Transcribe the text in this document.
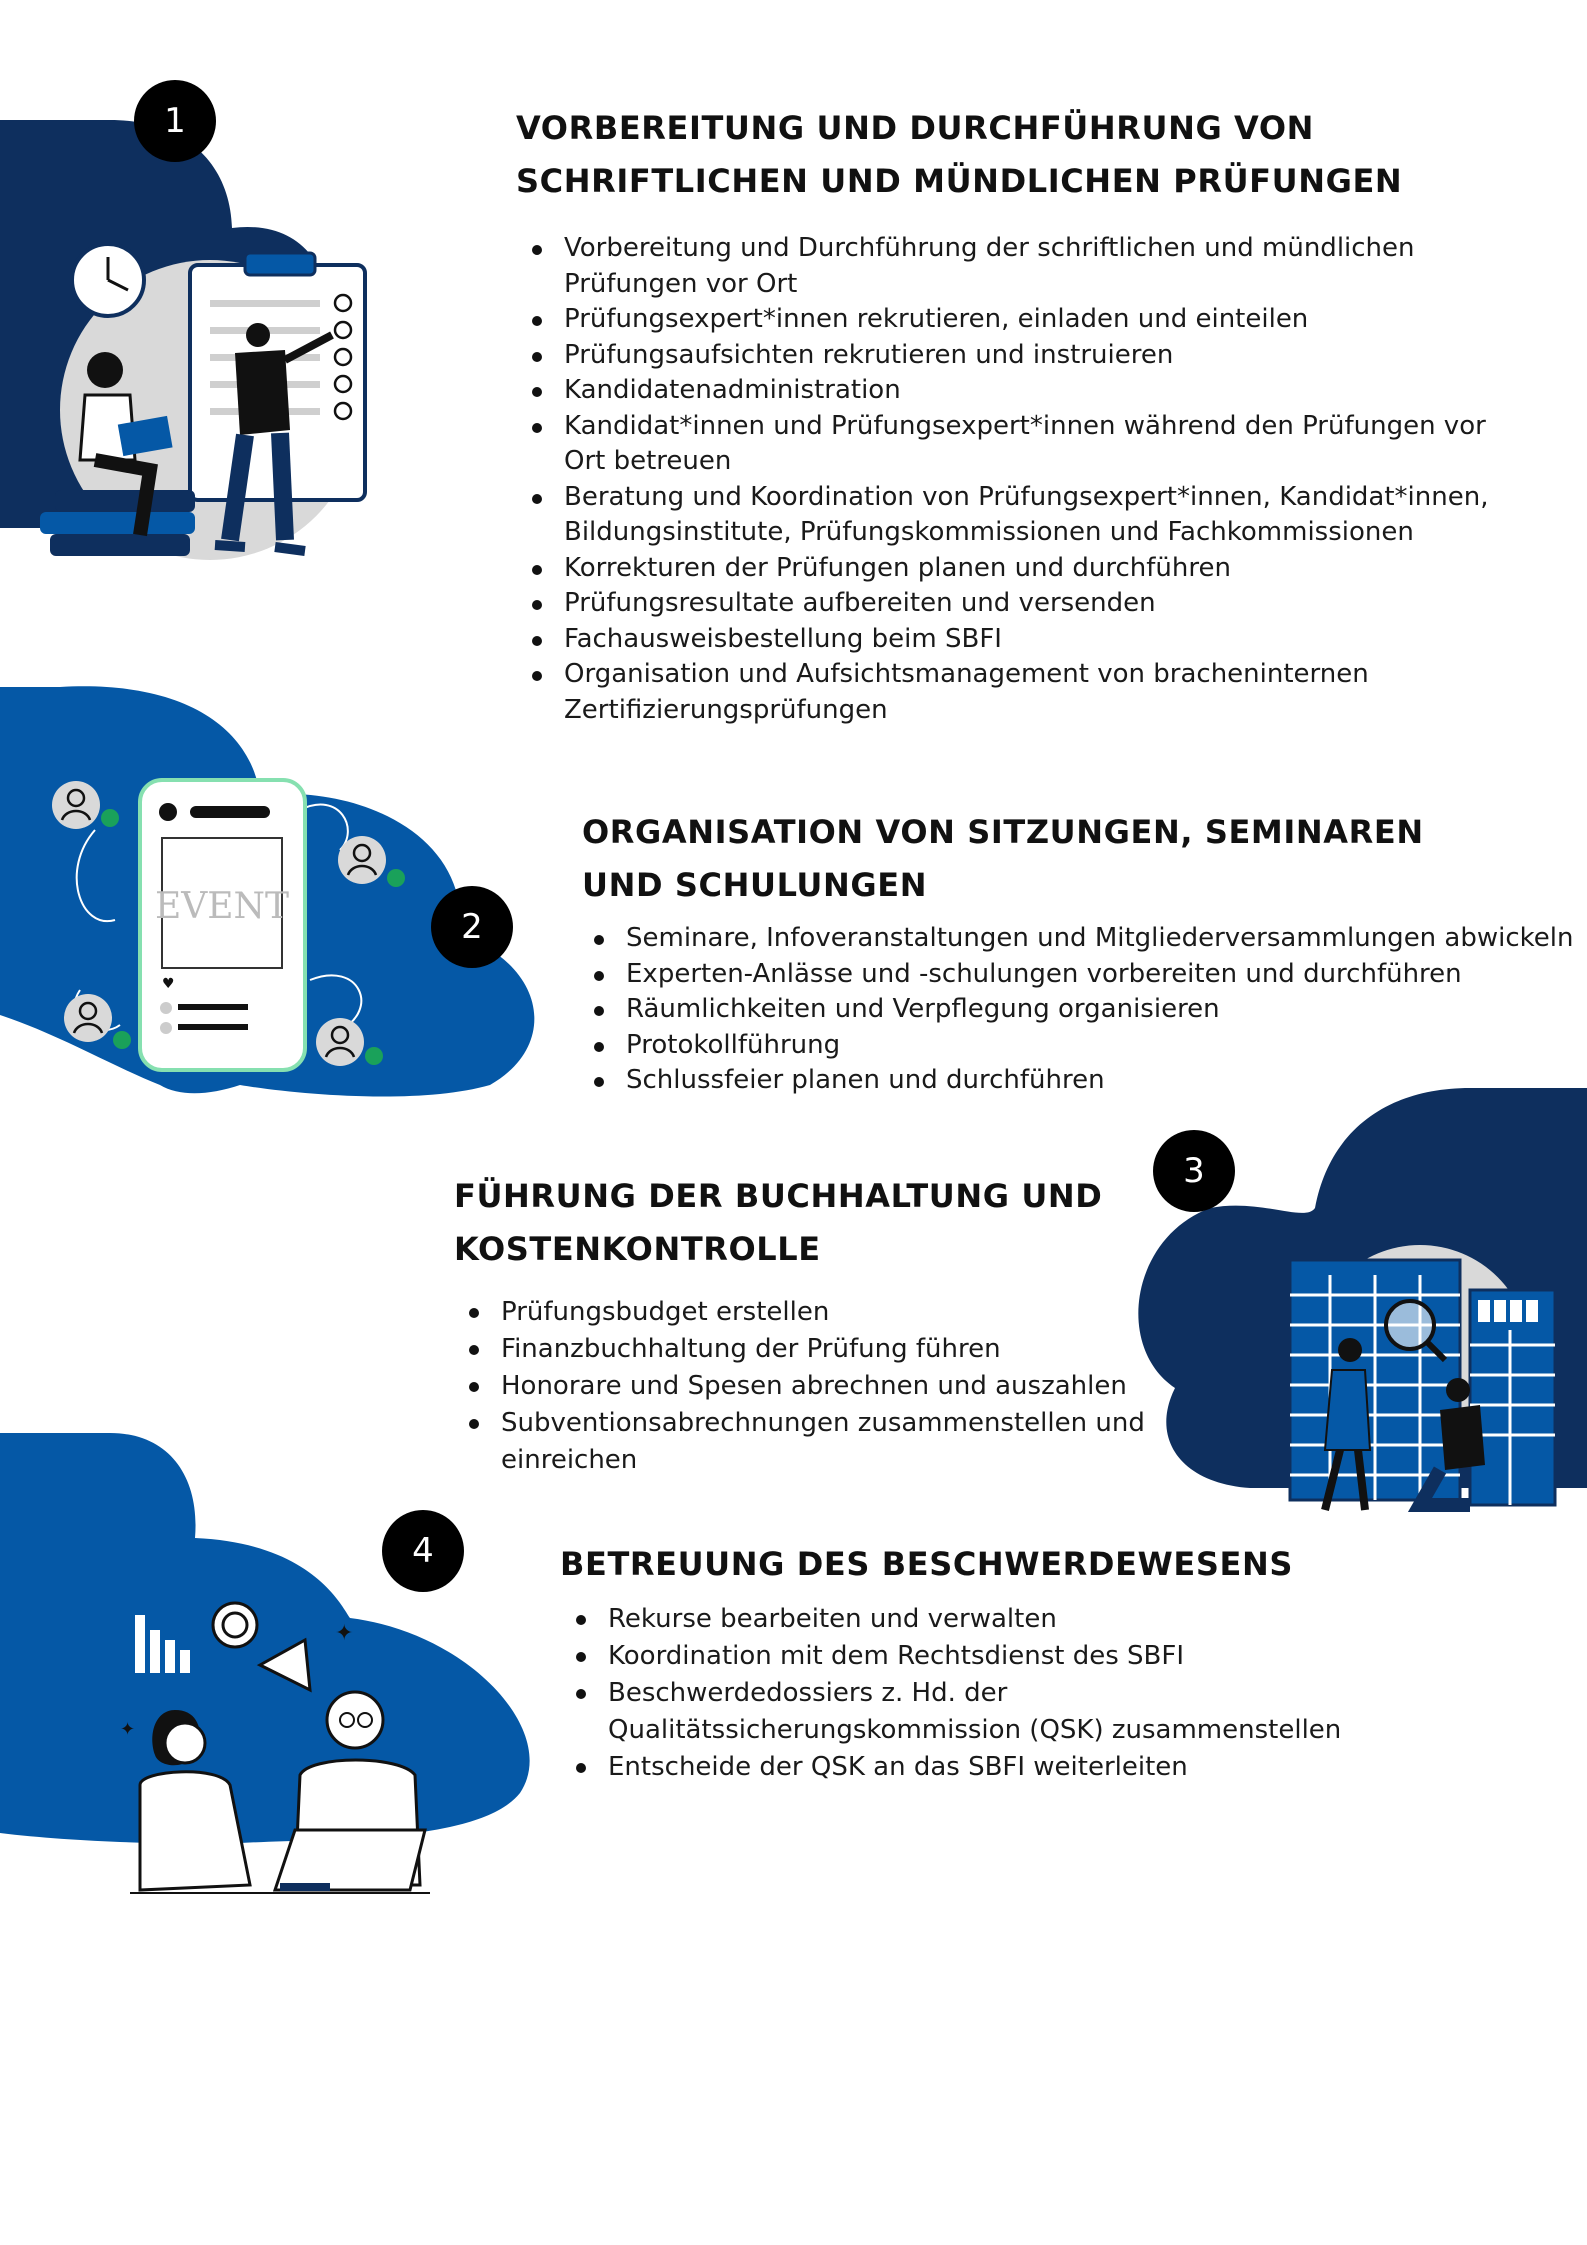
1	VORBEREITUNG UND DURCHFÜHRUNG VON
SCHRIFTLICHEN UND MÜNDLICHEN PRÜFUNGEN
Vorbereitung und Durchführung der schriftlichen und mündlichen Prüfungen vor Ort
Prüfungsexpert*innen rekrutieren, einladen und einteilen
Prüfungsaufsichten rekrutieren und instruieren
Kandidatenadministration
Kandidat*innen und Prüfungsexpert*innen während den Prüfungen vor Ort betreuen
Beratung und Koordination von Prüfungsexpert*innen, Kandidat*innen, Bildungsinstitute, Prüfungskommissionen und Fachkommissionen
Korrekturen der Prüfungen planen und durchführen
Prüfungsresultate aufbereiten und versenden
Fachausweisbestellung beim SBFI
Organisation und Aufsichtsmanagement von bracheninternen Zertifizierungsprüfungen
2
EVENT
♥
ORGANISATION VON SITZUNGEN, SEMINAREN
UND SCHULUNGEN
Seminare, Infoveranstaltungen und Mitgliederversammlungen abwickeln
Experten-Anlässe und -schulungen vorbereiten und durchführen
Räumlichkeiten und Verpflegung organisieren
Protokollführung
Schlussfeier planen und durchführen
3
FÜHRUNG DER BUCHHALTUNG UND
KOSTENKONTROLLE
Prüfungsbudget erstellen
Finanzbuchhaltung der Prüfung führen
Honorare und Spesen abrechnen und auszahlen
Subventionsabrechnungen zusammenstellen und einreichen
4
✦
✦
BETREUUNG DES BESCHWERDEWESENS
Rekurse bearbeiten und verwalten
Koordination mit dem Rechtsdienst des SBFI
Beschwerdedossiers z. Hd. der Qualitätssicherungskommission (QSK) zusammenstellen
Entscheide der QSK an das SBFI weiterleiten
